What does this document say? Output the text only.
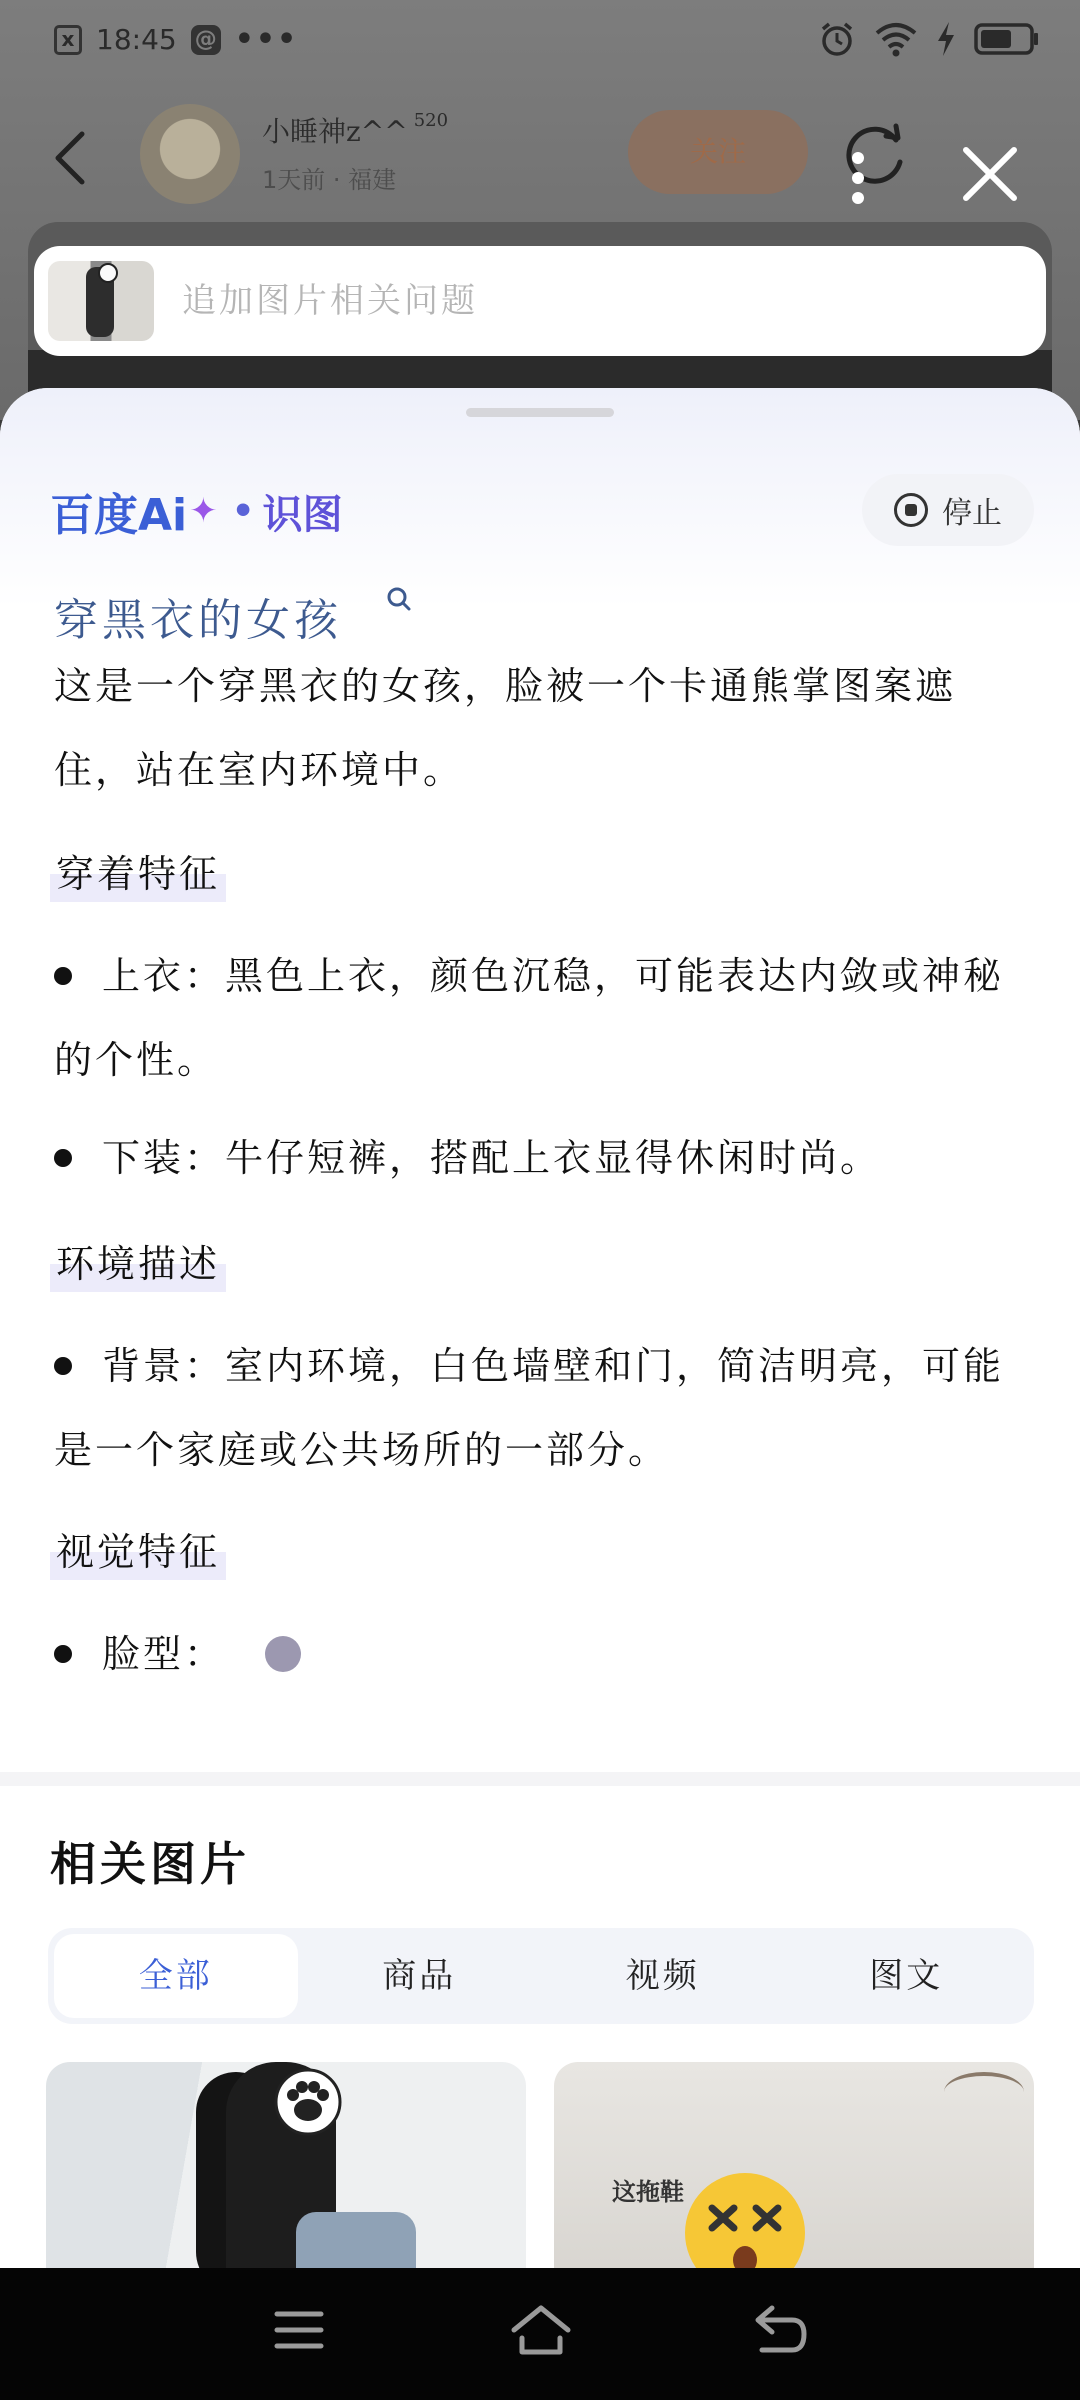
x 18:45 @ •••
小睡神z^^ $^{520}$
1天前 · 福建
关注
追加图片相关问题
百度Ai ✦ • 识图	停止
穿黑衣的女孩
这是一个穿黑衣的女孩，脸被一个卡通熊掌图案遮住，站在室内环境中。
穿着特征
上衣：黑色上衣，颜色沉稳，可能表达内敛或神秘的个性。
下装：牛仔短裤，搭配上衣显得休闲时尚。
环境描述
背景：室内环境，白色墙壁和门，简洁明亮，可能是一个家庭或公共场所的一部分。
视觉特征
脸型：
相关图片
全部	商品	视频	图文
这拖鞋
